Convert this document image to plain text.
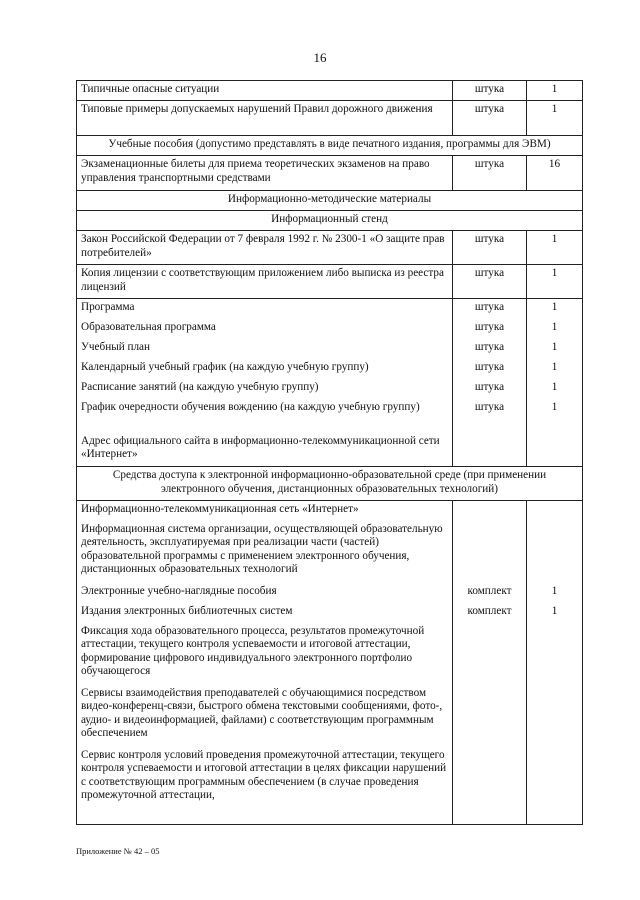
16
Типичные опасные ситуации	штука	1
Типовые примеры допускаемых нарушений Правил дорожного движения	штука	1
Учебные пособия (допустимо представлять в виде печатного издания, программы для ЭВМ)		
Экзаменационные билеты для приема теоретических экзаменов на право управления транспортными средствами	штука	16
Информационно-методические материалы		
Информационный стенд		
Закон Российской Федерации от 7 февраля 1992 г. № 2300-1 «О защите прав потребителей»	штука	1
Копия лицензии с соответствующим приложением либо выписка из реестра лицензий	штука	1
Программа	штука	1
Образовательная программа	штука	1
Учебный план	штука	1
Календарный учебный график (на каждую учебную группу)	штука	1
Расписание занятий (на каждую учебную группу)	штука	1
График очередности обучения вождению (на каждую учебную группу)	штука	1
Адрес официального сайта в информационно-телекоммуникационной сети «Интернет»		
Средства доступа к электронной информационно-образовательной среде (при применении электронного обучения, дистанционных образовательных технологий)		
Информационно-телекоммуникационная сеть «Интернет»		
Информационная система организации, осуществляющей образовательную деятельность, эксплуатируемая при реализации части (частей) образовательной программы с применением электронного обучения, дистанционных образовательных технологий		
Электронные учебно-наглядные пособия	комплект	1
Издания электронных библиотечных систем	комплект	1
Фиксация хода образовательного процесса, результатов промежуточной аттестации, текущего контроля успеваемости и итоговой аттестации, формирование цифрового индивидуального электронного портфолио обучающегося		
Сервисы взаимодействия преподавателей с обучающимися посредством видео-конференц-связи, быстрого обмена текстовыми сообщениями, фото-, аудио- и видеоинформацией, файлами) с соответствующим программным обеспечением		
Сервис контроля условий проведения промежуточной аттестации, текущего контроля успеваемости и итоговой аттестации в целях фиксации нарушений с соответствующим программным обеспечением (в случае проведения промежуточной аттестации,		
Приложение № 42 – 05
